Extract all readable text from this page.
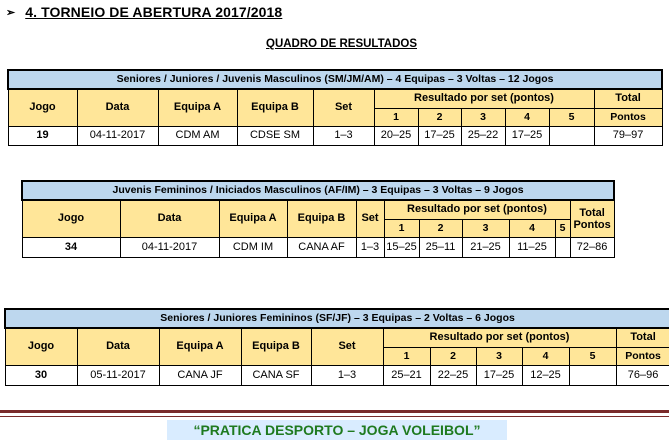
➢ 4. TORNEIO DE ABERTURA 2017/2018
QUADRO DE RESULTADOS
Seniores / Juniores / Juvenis Masculinos (SM/JM/AM) – 4 Equipas – 3 Voltas – 12 Jogos										
Jogo	Data	Equipa A	Equipa B	Set	Resultado por set (pontos)					Total
					1	2	3	4	5	Pontos
19	04-11-2017	CDM AM	CDSE SM	1–3	20–25	17–25	25–22	17–25		79–97
Juvenis Femininos / Iniciados Masculinos (AF/IM) – 3 Equipas – 3 Voltas – 9 Jogos										
Jogo	Data	Equipa A	Equipa B	Set	Resultado por set (pontos)					Total Pontos
					1	2	3	4	5	
34	04-11-2017	CDM IM	CANA AF	1–3	15–25	25–11	21–25	11–25		72–86
Seniores / Juniores Femininos (SF/JF) – 3 Equipas – 2 Voltas – 6 Jogos										
Jogo	Data	Equipa A	Equipa B	Set	Resultado por set (pontos)					Total
					1	2	3	4	5	Pontos
30	05-11-2017	CANA JF	CANA SF	1–3	25–21	22–25	17–25	12–25		76–96
“PRATICA DESPORTO – JOGA VOLEIBOL”
